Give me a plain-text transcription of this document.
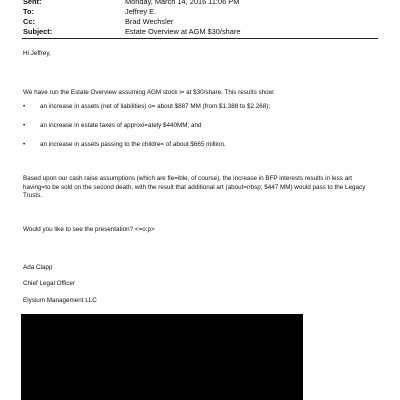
Sent:	Monday, March 14, 2016 11:06 PM
To:	Jeffrey E.
Cc:	Brad Wechsler
Subject:	Estate Overview at AGM $30/share
Hi Jeffrey,
We have run the Estate Overview assuming AGM stock i= at $30/share. This results show:
• an increase in assets (net of liabilities) o= about $887 MM (from $1.388 to $2.268);
• an increase in estate taxes of approxi=ately $440MM; and
• an increase in assets passing to the childre= of about $665 million.
Based upon our cash raise assumptions (which are fle=ible, of course), the increase in BFP interests results in less art having=to be sold on the second death, with the result that additional art (about=nbsp; $447 MM) would pass to the Legacy Trusts.
Would you like to see the presentation? <=o:p>
Ada Clapp
Chief Legal Officer
Elysium Management LLC
